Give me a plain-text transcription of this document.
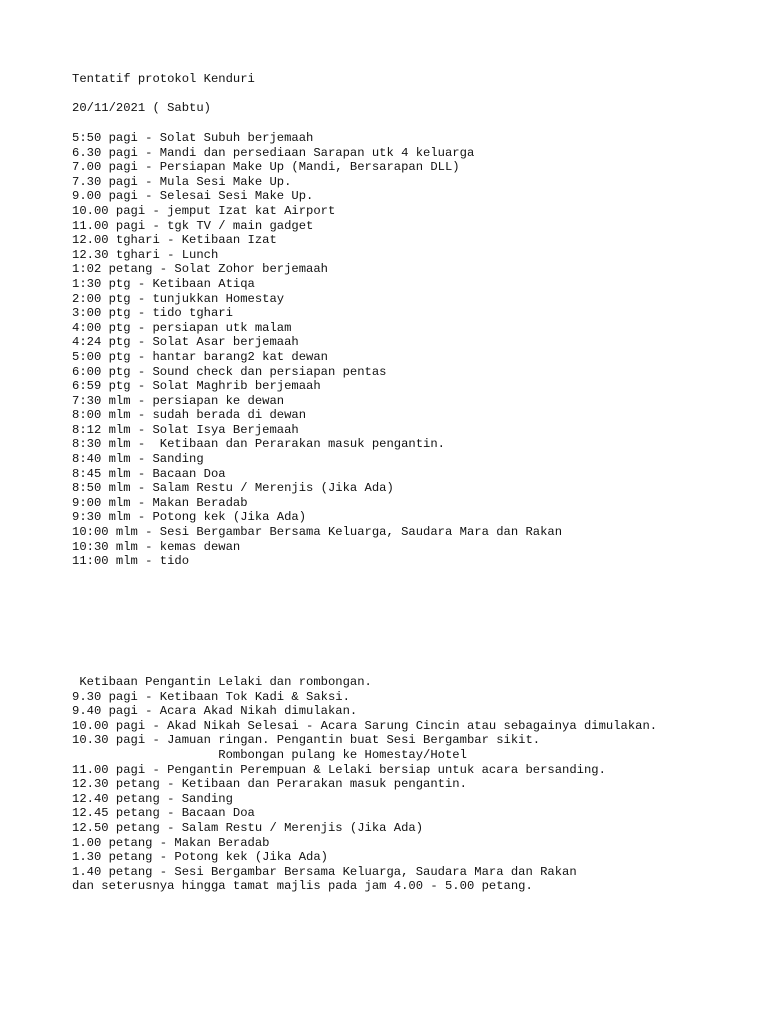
Tentatif protokol Kenduri
20/11/2021 ( Sabtu)
5:50 pagi - Solat Subuh berjemaah
6.30 pagi - Mandi dan persediaan Sarapan utk 4 keluarga
7.00 pagi - Persiapan Make Up (Mandi, Bersarapan DLL)
7.30 pagi - Mula Sesi Make Up.
9.00 pagi - Selesai Sesi Make Up.
10.00 pagi - jemput Izat kat Airport
11.00 pagi - tgk TV / main gadget
12.00 tghari - Ketibaan Izat
12.30 tghari - Lunch
1:02 petang - Solat Zohor berjemaah
1:30 ptg - Ketibaan Atiqa
2:00 ptg - tunjukkan Homestay
3:00 ptg - tido tghari
4:00 ptg - persiapan utk malam
4:24 ptg - Solat Asar berjemaah
5:00 ptg - hantar barang2 kat dewan
6:00 ptg - Sound check dan persiapan pentas
6:59 ptg - Solat Maghrib berjemaah
7:30 mlm - persiapan ke dewan
8:00 mlm - sudah berada di dewan
8:12 mlm - Solat Isya Berjemaah
8:30 mlm -  Ketibaan dan Perarakan masuk pengantin.
8:40 mlm - Sanding
8:45 mlm - Bacaan Doa
8:50 mlm - Salam Restu / Merenjis (Jika Ada)
9:00 mlm - Makan Beradab
9:30 mlm - Potong kek (Jika Ada)
10:00 mlm - Sesi Bergambar Bersama Keluarga, Saudara Mara dan Rakan
10:30 mlm - kemas dewan
11:00 mlm - tido
Ketibaan Pengantin Lelaki dan rombongan.
9.30 pagi - Ketibaan Tok Kadi & Saksi.
9.40 pagi - Acara Akad Nikah dimulakan.
10.00 pagi - Akad Nikah Selesai - Acara Sarung Cincin atau sebagainya dimulakan.
10.30 pagi - Jamuan ringan. Pengantin buat Sesi Bergambar sikit.
Rombongan pulang ke Homestay/Hotel
11.00 pagi - Pengantin Perempuan & Lelaki bersiap untuk acara bersanding.
12.30 petang - Ketibaan dan Perarakan masuk pengantin.
12.40 petang - Sanding
12.45 petang - Bacaan Doa
12.50 petang - Salam Restu / Merenjis (Jika Ada)
1.00 petang - Makan Beradab
1.30 petang - Potong kek (Jika Ada)
1.40 petang - Sesi Bergambar Bersama Keluarga, Saudara Mara dan Rakan
dan seterusnya hingga tamat majlis pada jam 4.00 - 5.00 petang.
